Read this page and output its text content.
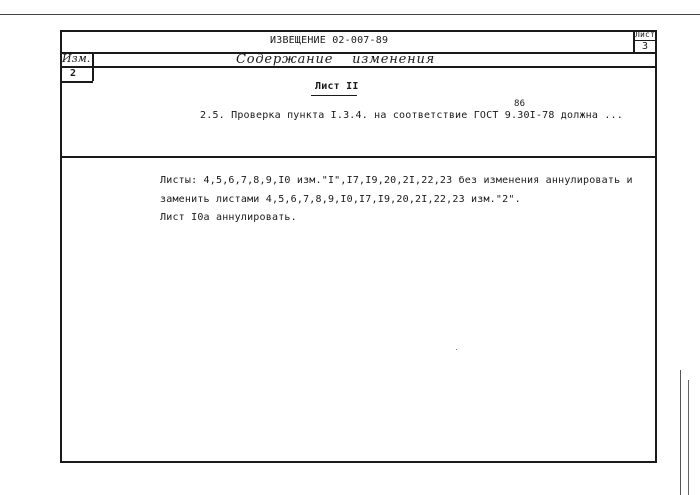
ИЗВЕЩЕНИЕ 02-007-89
Лист
3
Изм.
2
Содержание изменения
Лист II
86
2.5. Проверка пункта I.3.4. на соответствие ГОСТ 9.30I-78 должна ...
Листы: 4,5,6,7,8,9,I0 изм."I",I7,I9,20,2I,22,23 без изменения аннулировать и
заменить листами 4,5,6,7,8,9,I0,I7,I9,20,2I,22,23 изм."2".
Лист I0а аннулировать.
